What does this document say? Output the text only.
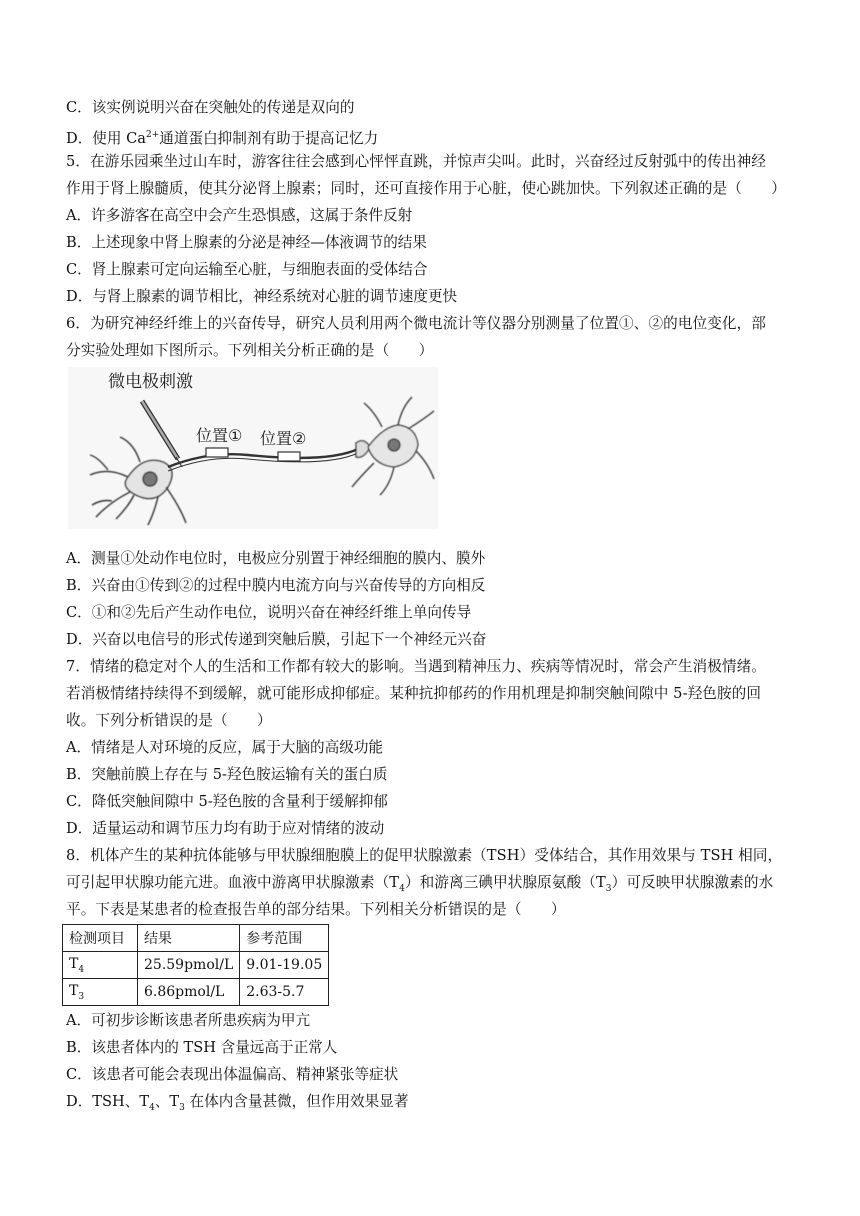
C．该实例说明兴奋在突触处的传递是双向的
D．使用 $Ca^{2+}$通道蛋白抑制剂有助于提高记忆力
5．在游乐园乘坐过山车时，游客往往会感到心怦怦直跳，并惊声尖叫。此时，兴奋经过反射弧中的传出神经
作用于肾上腺髓质，使其分泌肾上腺素；同时，还可直接作用于心脏，使心跳加快。下列叙述正确的是（　　）
A．许多游客在高空中会产生恐惧感，这属于条件反射
B．上述现象中肾上腺素的分泌是神经—体液调节的结果
C．肾上腺素可定向运输至心脏，与细胞表面的受体结合
D．与肾上腺素的调节相比，神经系统对心脏的调节速度更快
6．为研究神经纤维上的兴奋传导，研究人员利用两个微电流计等仪器分别测量了位置①、②的电位变化，部
分实验处理如下图所示。下列相关分析正确的是（　　）
微电极刺激
位置① 位置②
A．测量①处动作电位时，电极应分别置于神经细胞的膜内、膜外
B．兴奋由①传到②的过程中膜内电流方向与兴奋传导的方向相反
C．①和②先后产生动作电位，说明兴奋在神经纤维上单向传导
D．兴奋以电信号的形式传递到突触后膜，引起下一个神经元兴奋
7．情绪的稳定对个人的生活和工作都有较大的影响。当遇到精神压力、疾病等情况时，常会产生消极情绪。
若消极情绪持续得不到缓解，就可能形成抑郁症。某种抗抑郁药的作用机理是抑制突触间隙中 5-羟色胺的回
收。下列分析错误的是（　　）
A．情绪是人对环境的反应，属于大脑的高级功能
B．突触前膜上存在与 5-羟色胺运输有关的蛋白质
C．降低突触间隙中 5-羟色胺的含量利于缓解抑郁
D．适量运动和调节压力均有助于应对情绪的波动
8．机体产生的某种抗体能够与甲状腺细胞膜上的促甲状腺激素（TSH）受体结合，其作用效果与 TSH 相同，
可引起甲状腺功能亢进。血液中游离甲状腺激素$(T_4)$和游离三碘甲状腺原氨酸$(T_3)$可反映甲状腺激素的水
平。下表是某患者的检查报告单的部分结果。下列相关分析错误的是（　　）
检测项目	结果	参考范围
$T_4$	25.59pmol/L	9.01-19.05
$T_3$	6.86pmol/L	2.63-5.7
A．可初步诊断该患者所患疾病为甲亢
B．该患者体内的 TSH 含量远高于正常人
C．该患者可能会表现出体温偏高、精神紧张等症状
D．TSH、$T_4$、$T_3$ 在体内含量甚微，但作用效果显著
